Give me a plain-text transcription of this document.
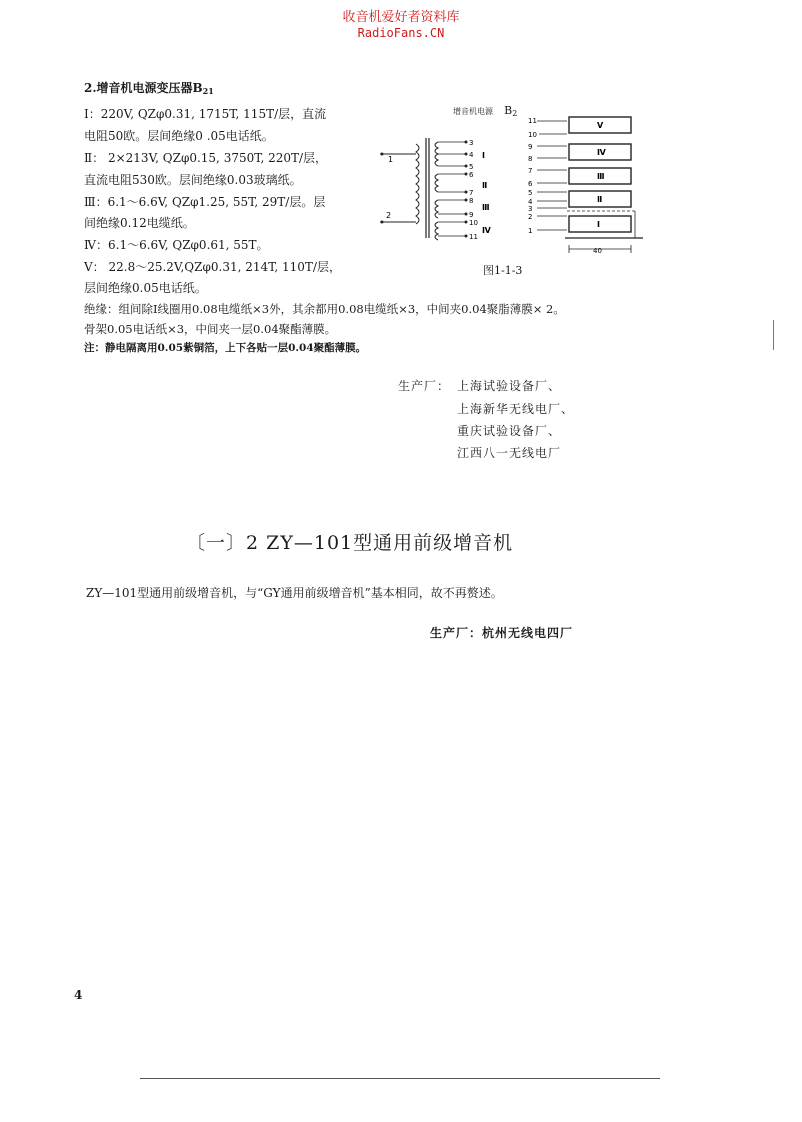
收音机爱好者资料库
RadioFans.CN
2.增音机电源变压器$B_{21}$
Ⅰ：220V, QZφ0.31, 1715T, 115T/层，直流
电阻50欧。层间绝缘0 .05电话纸。
Ⅱ： 2×213V, QZφ0.15, 3750T, 220T/层，
直流电阻530欧。层间绝缘0.03玻璃纸。
Ⅲ：6.1～6.6V, QZφ1.25, 55T, 29T/层。层
间绝缘0.12电缆纸。
Ⅳ：6.1～6.6V, QZφ0.61, 55T。
Ⅴ： 22.8～25.2V,QZφ0.31, 214T, 110T/层，
层间绝缘0.05电话纸。
绝缘：组间除Ⅰ线圈用0.08电缆纸×3外，其余都用0.08电缆纸×3，中间夹0.04聚脂薄膜× 2。
骨架0.05电话纸×3，中间夹一层0.04聚酯薄膜。
注：静电隔离用0.05紫铜箔，上下各贴一层0.04聚酯薄膜。
增音机电源 B2
1
2
3
4
5
6
7
8
9
10
11
Ⅰ
Ⅱ
Ⅲ
Ⅳ
11
10
9
8
7
6
5
4
3
2
1
Ⅴ
Ⅳ
Ⅲ
Ⅱ
Ⅰ
40
图1-1-3
生产厂： 上海试验设备厂、
上海新华无线电厂、
重庆试验设备厂、
江西八一无线电厂
〔一〕2 ZY—101型通用前级增音机
ZY—101型通用前级增音机，与“GY通用前级增音机”基本相同，故不再赘述。
生产厂：杭州无线电四厂
4
